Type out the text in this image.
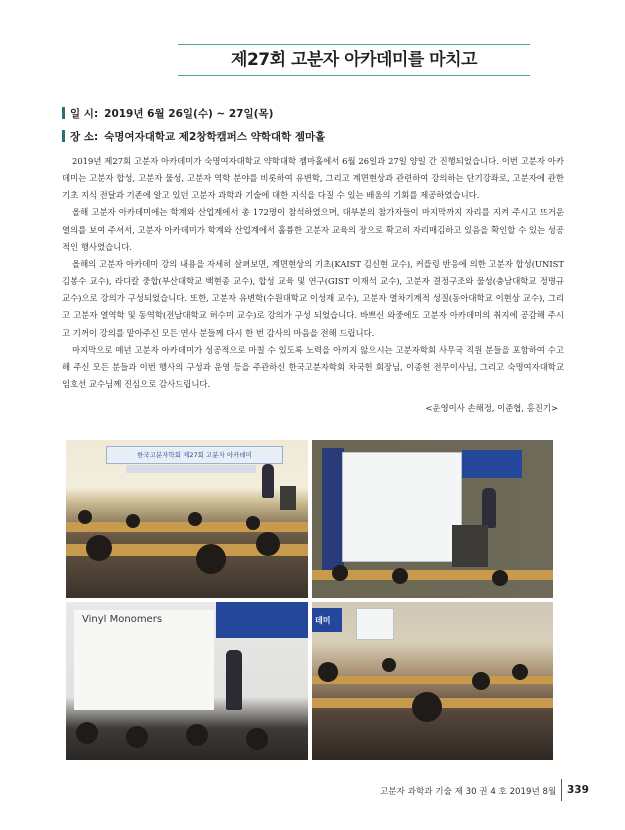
제27회 고분자 아카데미를 마치고
일 시: 2019년 6월 26일(수) ~ 27일(목)
장 소: 숙명여자대학교 제2창학캠퍼스 약학대학 젬마홀

2019년 제27회 고분자 아카데미가 숙명여자대학교 약학대학 젬마홀에서 6월 26일과 27일 양일 간 진행되었습니다. 이번 고분자 아카데미는 고분자 합성, 고분자 물성, 고분자 역학 분야를 비롯하여 유변학, 그리고 계면현상과 관련하여 강의하는 단기강좌로, 고분자에 관한 기초 지식 전달과 기존에 알고 있던 고분자 과학과 기술에 대한 지식을 다질 수 있는 배움의 기회를 제공하였습니다.

올해 고분자 아카데미에는 학계와 산업계에서 총 172명이 참석하였으며, 대부분의 참가자들이 마지막까지 자리를 지켜 주시고 뜨거운 열의를 보여 주셔서, 고분자 아카데미가 학계와 산업계에서 훌륭한 고분자 교육의 장으로 확고히 자리매김하고 있음을 확인할 수 있는 성공적인 행사였습니다.

올해의 고분자 아카데미 강의 내용을 자세히 살펴보면, 계면현상의 기초(KAIST 김신현 교수), 커플링 반응에 의한 고분자 합성(UNIST 김봉수 교수), 라디칼 중합(부산대학교 백현종 교수), 합성 교육 및 연구(GIST 이재석 교수), 고분자 결정구조와 물성(충남대학교 정명규 교수)으로 강의가 구성되었습니다. 또한, 고분자 유변학(수원대학교 이성재 교수), 고분자 열차기계적 성질(동아대학교 이현상 교수), 그리고 고분자 열역학 및 동역학(전남대학교 허수미 교수)로 강의가 구성 되었습니다. 바쁘신 와중에도 고분자 아카데미의 취지에 공감해 주시고 기꺼이 강의를 맡아주신 모든 연사 분들께 다시 한 번 감사의 마음을 전해 드립니다.

마지막으로 매년 고분자 아카데미가 성공적으로 마칠 수 있도록 노력을 아끼지 않으시는 고분자학회 사무국 직원 분들을 포함하여 수고해 주신 모든 분들과 이번 행사의 구성과 운영 등을 주관하신 한국고분자학회 차국헌 회장님, 이종헌 전무이사님, 그리고 숙명여자대학교 임호선 교수님께 진심으로 감사드립니다.

<운영이사 손해정, 이준협, 홍진기>
한국고분자학회 제27회 고분자 아카데미
Vinyl Monomers	데미
고분자 과학과 기술 제 30 권 4 호 2019년 8월 339
